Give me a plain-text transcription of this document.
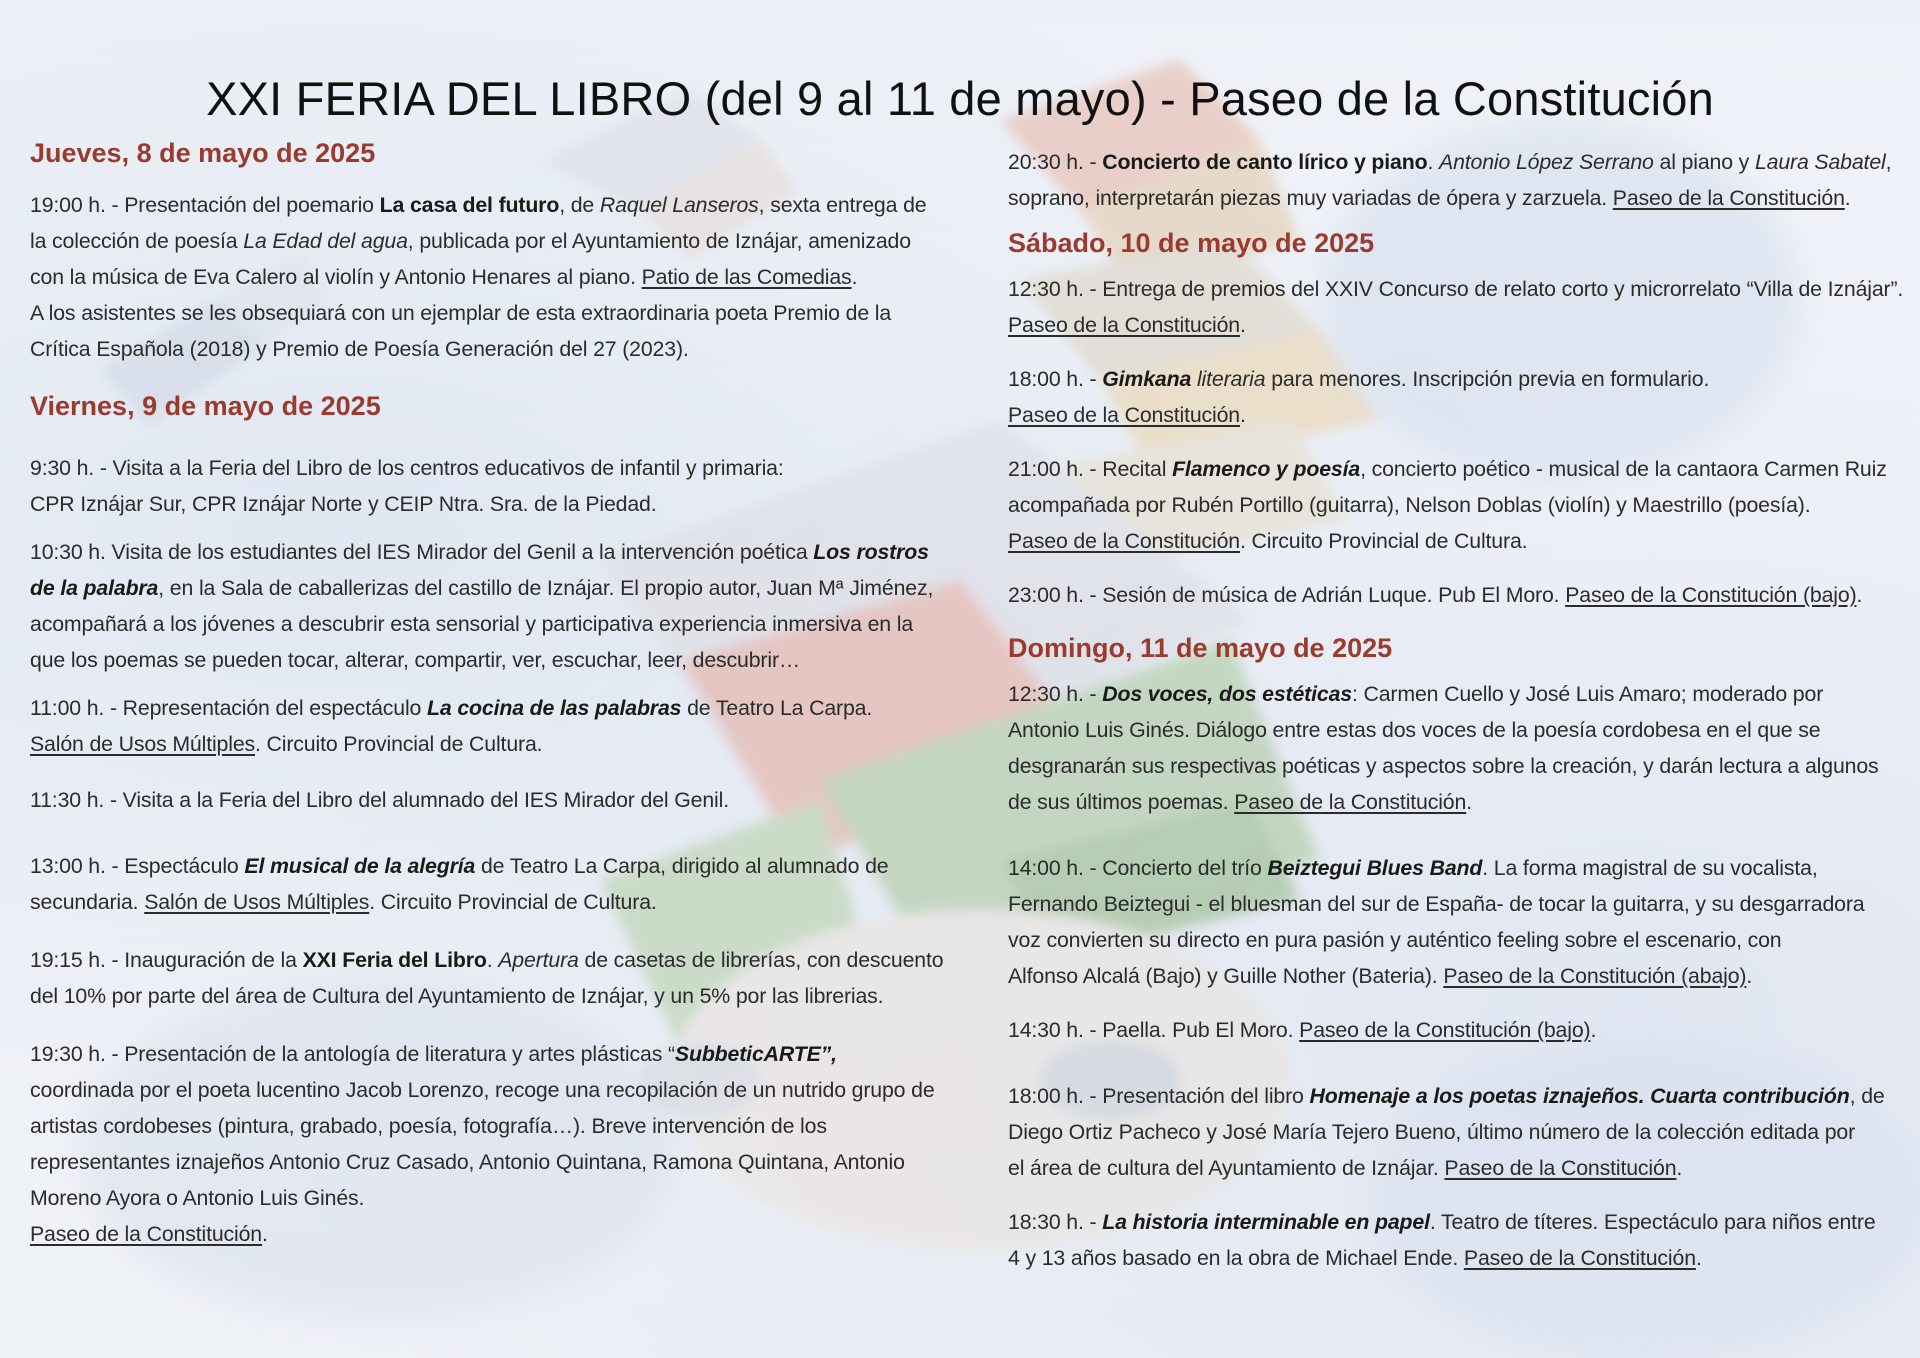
XXI FERIA DEL LIBRO (del 9 al 11 de mayo) - Paseo de la Constitución
Jueves, 8 de mayo de 2025

19:00 h. - Presentación del poemario La casa del futuro, de Raquel Lanseros, sexta entrega de
la colección de poesía La Edad del agua, publicada por el Ayuntamiento de Iznájar, amenizado
con la música de Eva Calero al violín y Antonio Henares al piano. Patio de las Comedias.
A los asistentes se les obsequiará con un ejemplar de esta extraordinaria poeta Premio de la
Crítica Española (2018) y Premio de Poesía Generación del 27 (2023).

Viernes, 9 de mayo de 2025

9:30 h. - Visita a la Feria del Libro de los centros educativos de infantil y primaria:
CPR Iznájar Sur, CPR Iznájar Norte y CEIP Ntra. Sra. de la Piedad.

10:30 h. Visita de los estudiantes del IES Mirador del Genil a la intervención poética Los rostros
de la palabra, en la Sala de caballerizas del castillo de Iznájar. El propio autor, Juan Mª Jiménez,
acompañará a los jóvenes a descubrir esta sensorial y participativa experiencia inmersiva en la
que los poemas se pueden tocar, alterar, compartir, ver, escuchar, leer, descubrir…

11:00 h. - Representación del espectáculo La cocina de las palabras de Teatro La Carpa.
Salón de Usos Múltiples. Circuito Provincial de Cultura.

11:30 h. - Visita a la Feria del Libro del alumnado del IES Mirador del Genil.

13:00 h. - Espectáculo El musical de la alegría de Teatro La Carpa, dirigido al alumnado de
secundaria. Salón de Usos Múltiples. Circuito Provincial de Cultura.

19:15 h. - Inauguración de la XXI Feria del Libro. Apertura de casetas de librerías, con descuento
del 10% por parte del área de Cultura del Ayuntamiento de Iznájar, y un 5% por las librerias.

19:30 h. - Presentación de la antología de literatura y artes plásticas “SubbeticARTE”,
coordinada por el poeta lucentino Jacob Lorenzo, recoge una recopilación de un nutrido grupo de
artistas cordobeses (pintura, grabado, poesía, fotografía…). Breve intervención de los
representantes iznajeños Antonio Cruz Casado, Antonio Quintana, Ramona Quintana, Antonio
Moreno Ayora o Antonio Luis Ginés.
Paseo de la Constitución.

20:30 h. - Concierto de canto lírico y piano. Antonio López Serrano al piano y Laura Sabatel,
soprano, interpretarán piezas muy variadas de ópera y zarzuela. Paseo de la Constitución.

Sábado, 10 de mayo de 2025

12:30 h. - Entrega de premios del XXIV Concurso de relato corto y microrrelato “Villa de Iznájar”.
Paseo de la Constitución.

18:00 h. - Gimkana literaria para menores. Inscripción previa en formulario.
Paseo de la Constitución.

21:00 h. - Recital Flamenco y poesía, concierto poético - musical de la cantaora Carmen Ruiz
acompañada por Rubén Portillo (guitarra), Nelson Doblas (violín) y Maestrillo (poesía).
Paseo de la Constitución. Circuito Provincial de Cultura.

23:00 h. - Sesión de música de Adrián Luque. Pub El Moro. Paseo de la Constitución (bajo).

Domingo, 11 de mayo de 2025

12:30 h. - Dos voces, dos estéticas: Carmen Cuello y José Luis Amaro; moderado por
Antonio Luis Ginés. Diálogo entre estas dos voces de la poesía cordobesa en el que se
desgranarán sus respectivas poéticas y aspectos sobre la creación, y darán lectura a algunos
de sus últimos poemas. Paseo de la Constitución.

14:00 h. - Concierto del trío Beiztegui Blues Band. La forma magistral de su vocalista,
Fernando Beiztegui - el bluesman del sur de España- de tocar la guitarra, y su desgarradora
voz convierten su directo en pura pasión y auténtico feeling sobre el escenario, con
Alfonso Alcalá (Bajo) y Guille Nother (Bateria). Paseo de la Constitución (abajo).

14:30 h. - Paella. Pub El Moro. Paseo de la Constitución (bajo).

18:00 h. - Presentación del libro Homenaje a los poetas iznajeños. Cuarta contribución, de
Diego Ortiz Pacheco y José María Tejero Bueno, último número de la colección editada por
el área de cultura del Ayuntamiento de Iznájar. Paseo de la Constitución.

18:30 h. - La historia interminable en papel. Teatro de títeres. Espectáculo para niños entre
4 y 13 años basado en la obra de Michael Ende. Paseo de la Constitución.
